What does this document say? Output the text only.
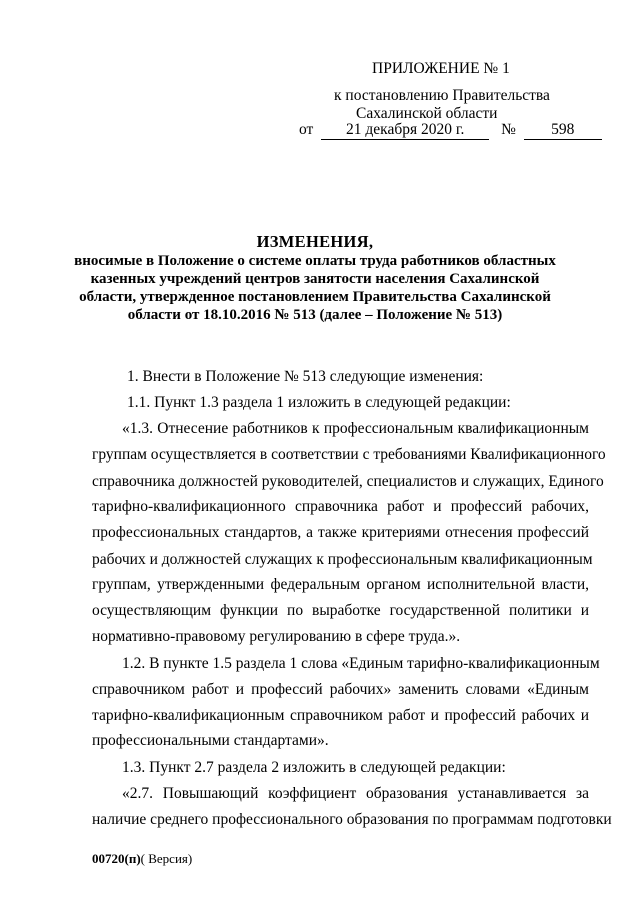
ПРИЛОЖЕНИЕ № 1
к постановлению Правительства
Сахалинской области
от 21 декабря 2020 г. № 598
ИЗМЕНЕНИЯ,
вносимые в Положение о системе оплаты труда работников областных
казенных учреждений центров занятости населения Сахалинской
области, утвержденное постановлением Правительства Сахалинской
области от 18.10.2016 № 513 (далее – Положение № 513)
1. Внести в Положение № 513 следующие изменения:
1.1. Пункт 1.3 раздела 1 изложить в следующей редакции:
«1.3. Отнесение работников к профессиональным квалификационным
группам осуществляется в соответствии с требованиями Квалификационного
справочника должностей руководителей, специалистов и служащих, Единого
тарифно-квалификационного справочника работ и профессий рабочих,
профессиональных стандартов, а также критериями отнесения профессий
рабочих и должностей служащих к профессиональным квалификационным
группам, утвержденными федеральным органом исполнительной власти,
осуществляющим функции по выработке государственной политики и
нормативно-правовому регулированию в сфере труда.».
1.2. В пункте 1.5 раздела 1 слова «Единым тарифно-квалификационным
справочником работ и профессий рабочих» заменить словами «Единым
тарифно-квалификационным справочником работ и профессий рабочих и
профессиональными стандартами».
1.3. Пункт 2.7 раздела 2 изложить в следующей редакции:
«2.7. Повышающий коэффициент образования устанавливается за
наличие среднего профессионального образования по программам подготовки
00720(п)( Версия)
